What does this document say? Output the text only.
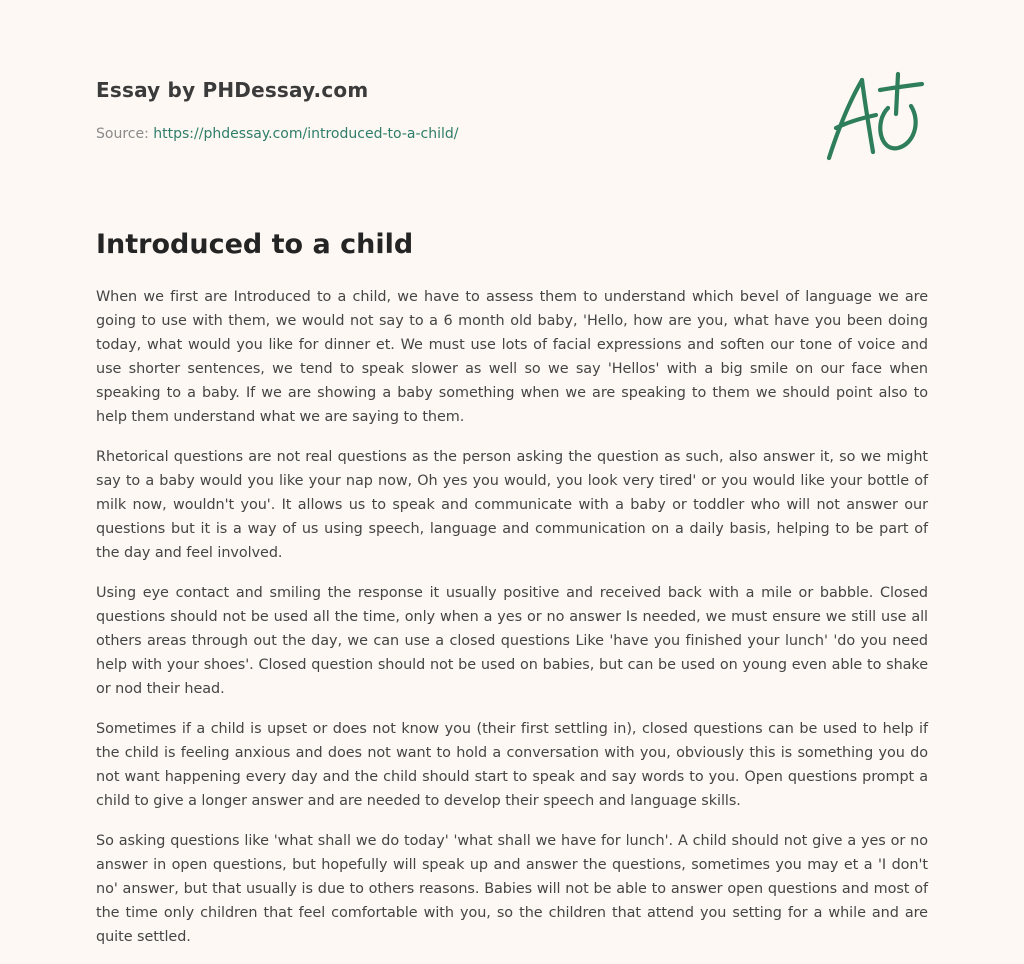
Essay by PHDessay.com
Source: https://phdessay.com/introduced-to-a-child/
Introduced to a child

When we first are Introduced to a child, we have to assess them to understand which bevel of language we are going to use with them, we would not say to a 6 month old baby, 'Hello, how are you, what have you been doing today, what would you like for dinner et. We must use lots of facial expressions and soften our tone of voice and use shorter sentences, we tend to speak slower as well so we say 'Hellos' with a big smile on our face when speaking to a baby. If we are showing a baby something when we are speaking to them we should point also to help them understand what we are saying to them.

Rhetorical questions are not real questions as the person asking the question as such, also answer it, so we might say to a baby would you like your nap now, Oh yes you would, you look very tired' or you would like your bottle of milk now, wouldn't you'. It allows us to speak and communicate with a baby or toddler who will not answer our questions but it is a way of us using speech, language and communication on a daily basis, helping to be part of the day and feel involved.

Using eye contact and smiling the response it usually positive and received back with a mile or babble. Closed questions should not be used all the time, only when a yes or no answer Is needed, we must ensure we still use all others areas through out the day, we can use a closed questions Like 'have you finished your lunch' 'do you need help with your shoes'. Closed question should not be used on babies, but can be used on young even able to shake or nod their head.

Sometimes if a child is upset or does not know you (their first settling in), closed questions can be used to help if the child is feeling anxious and does not want to hold a conversation with you, obviously this is something you do not want happening every day and the child should start to speak and say words to you. Open questions prompt a child to give a longer answer and are needed to develop their speech and language skills.

So asking questions like 'what shall we do today' 'what shall we have for lunch'. A child should not give a yes or no answer in open questions, but hopefully will speak up and answer the questions, sometimes you may et a 'I don't no' answer, but that usually is due to others reasons. Babies will not be able to answer open questions and most of the time only children that feel comfortable with you, so the children that attend you setting for a while and are quite settled.
